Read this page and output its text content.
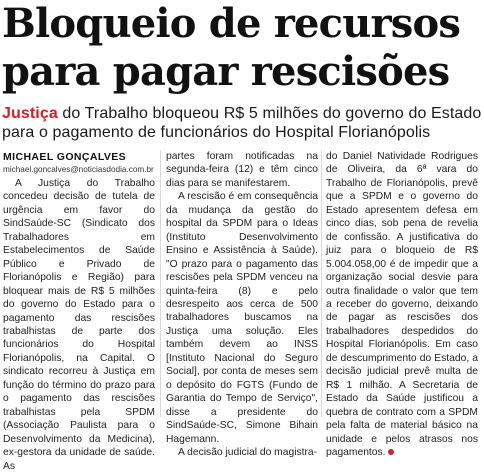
Bloqueio de recursos
para pagar rescisões
Justiça do Trabalho bloqueou R$ 5 milhões do governo do Estado para o pagamento de funcionários do Hospital Florianópolis
MICHAEL GONÇALVES
michael.goncalves@noticiasdodia.com.br

A Justiça do Trabalho concedeu decisão de tutela de urgência em favor do SindSaúde-SC (Sindicato dos Trabalhadores em Estabelecimentos de Saúde Público e Privado de Florianópolis e Região) para bloquear mais de R$ 5 milhões do governo do Estado para o pagamento das rescisões trabalhistas de parte dos funcionários do Hospital Florianópolis, na Capital. O sindicato recorreu à Justiça em função do término do prazo para o pagamento das rescisões trabalhistas pela SPDM (Associação Paulista para o Desenvolvimento da Medicina), ex-gestora da unidade de saúde. As

partes foram notificadas na segunda-feira (12) e têm cinco dias para se manifestarem.

A rescisão é em consequência da mudança da gestão do hospital da SPDM para o Ideas (Instituto Desenvolvimento Ensino e Assistência à Saúde). "O prazo para o pagamento das rescisões pela SPDM venceu na quinta-feira (8) e pelo desrespeito aos cerca de 500 trabalhadores buscamos na Justiça uma solução. Eles também devem ao INSS [Instituto Nacional do Seguro Social], por conta de meses sem o depósito do FGTS (Fundo de Garantia do Tempo de Serviço", disse a presidente do SindSaúde-SC, Simone Bihain Hagemann.

A decisão judicial do magistra-

do Daniel Natividade Rodrigues de Oliveira, da 6ª vara do Trabalho de Florianópolis, prevê que a SPDM e o governo do Estado apresentem defesa em cinco dias, sob pena de revelia de confissão. A justificativa do juiz para o bloqueio de R$ 5.004.058,00 é de impedir que a organização social desvie para outra finalidade o valor que tem a receber do governo, deixando de pagar as rescisões dos trabalhadores despedidos do Hospital Florianópolis. Em caso de descumprimento do Estado, a decisão judicial prevê multa de R$ 1 milhão. A Secretaria de Estado da Saúde justificou a quebra de contrato com a SPDM pela falta de material básico na unidade e pelos atrasos nos pagamentos.
